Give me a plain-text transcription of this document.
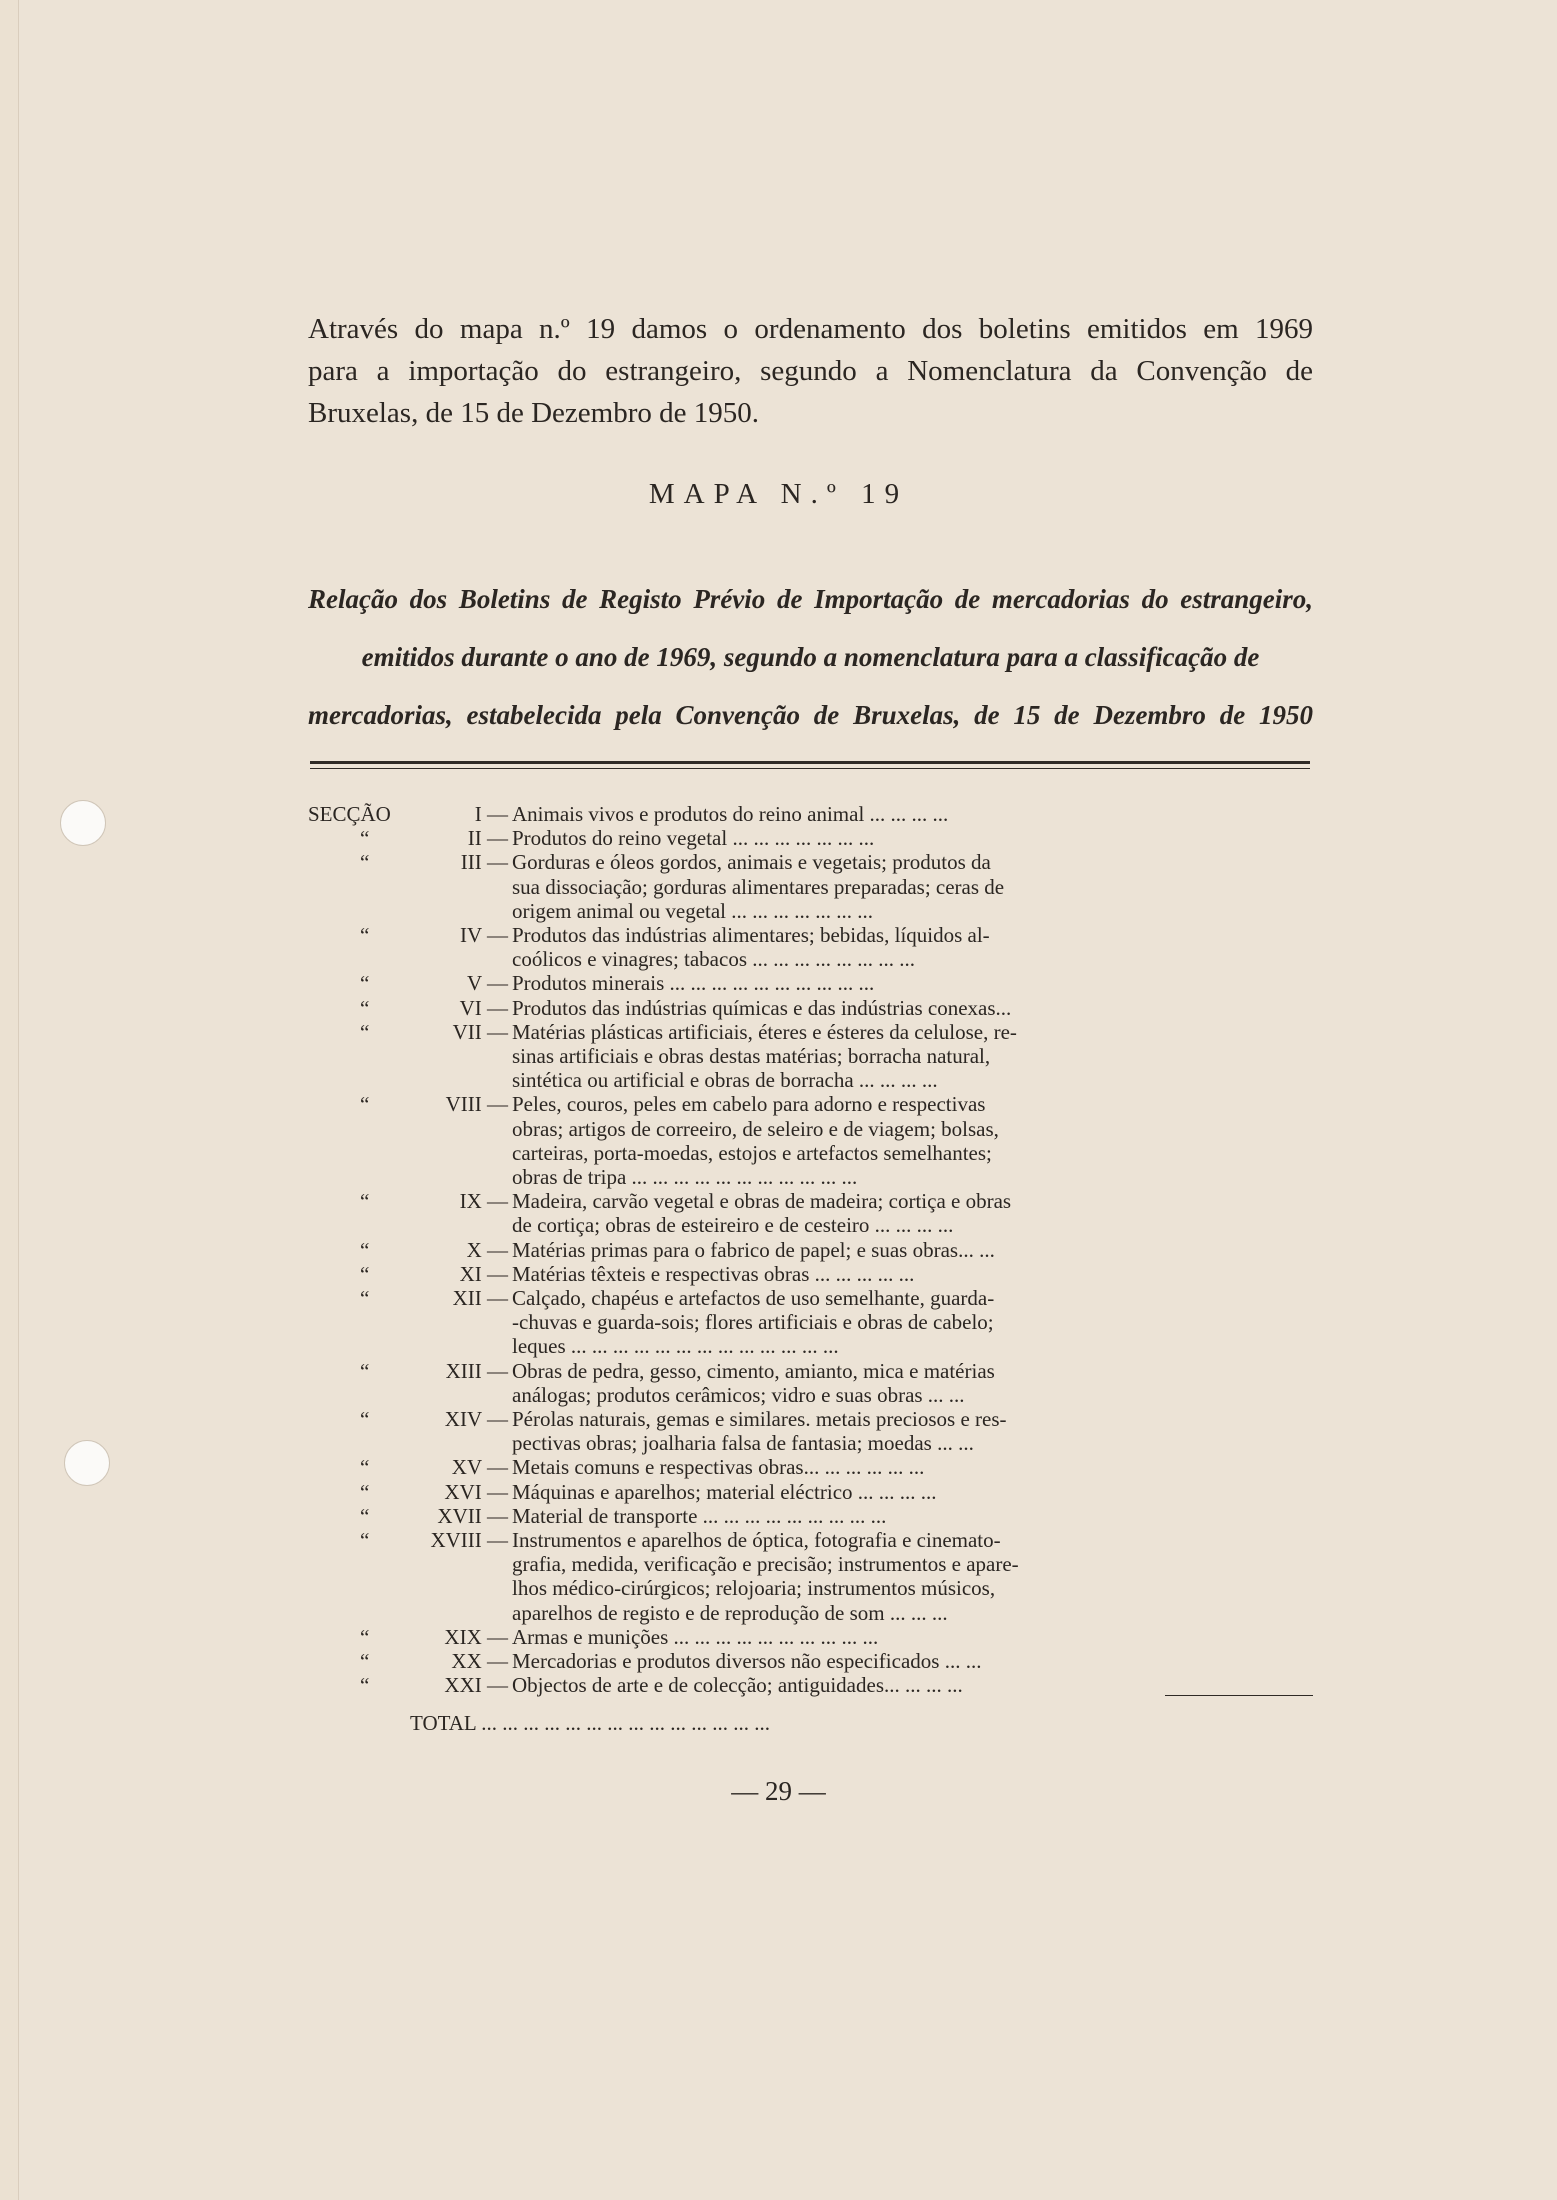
Através do mapa n.º 19 damos o ordenamento dos boletins emitidos em 1969
para a importação do estrangeiro, segundo a Nomenclatura da Convenção de
Bruxelas, de 15 de Dezembro de 1950.
MAPA N.º 19
Relação dos Boletins de Registo Prévio de Importação de mercadorias do estrangeiro,
emitidos durante o ano de 1969, segundo a nomenclatura para a classificação de
mercadorias, estabelecida pela Convenção de Bruxelas, de 15 de Dezembro de 1950
SECÇÃO	I — Animais vivos e produtos do reino animal ... ... ... ...
“	II — Produtos do reino vegetal ... ... ... ... ... ... ...
“	III — Gorduras e óleos gordos, animais e vegetais; produtos da
sua dissociação; gorduras alimentares preparadas; ceras de
origem animal ou vegetal ... ... ... ... ... ... ...
“	IV — Produtos das indústrias alimentares; bebidas, líquidos al-
coólicos e vinagres; tabacos ... ... ... ... ... ... ... ...
“	V — Produtos minerais ... ... ... ... ... ... ... ... ... ...
“	VI — Produtos das indústrias químicas e das indústrias conexas...
“	VII — Matérias plásticas artificiais, éteres e ésteres da celulose, re-
sinas artificiais e obras destas matérias; borracha natural,
sintética ou artificial e obras de borracha ... ... ... ...
“	VIII — Peles, couros, peles em cabelo para adorno e respectivas
obras; artigos de correeiro, de seleiro e de viagem; bolsas,
carteiras, porta-moedas, estojos e artefactos semelhantes;
obras de tripa ... ... ... ... ... ... ... ... ... ... ...
“	IX — Madeira, carvão vegetal e obras de madeira; cortiça e obras
de cortiça; obras de esteireiro e de cesteiro ... ... ... ...
“	X — Matérias primas para o fabrico de papel; e suas obras... ...
“	XI — Matérias têxteis e respectivas obras ... ... ... ... ...
“	XII — Calçado, chapéus e artefactos de uso semelhante, guarda-
-chuvas e guarda-sois; flores artificiais e obras de cabelo;
leques ... ... ... ... ... ... ... ... ... ... ... ... ...
“	XIII — Obras de pedra, gesso, cimento, amianto, mica e matérias
análogas; produtos cerâmicos; vidro e suas obras ... ...
“	XIV — Pérolas naturais, gemas e similares. metais preciosos e res-
pectivas obras; joalharia falsa de fantasia; moedas ... ...
“	XV — Metais comuns e respectivas obras... ... ... ... ... ...
“	XVI — Máquinas e aparelhos; material eléctrico ... ... ... ...
“	XVII — Material de transporte ... ... ... ... ... ... ... ... ...
“	XVIII — Instrumentos e aparelhos de óptica, fotografia e cinemato-
grafia, medida, verificação e precisão; instrumentos e apare-
lhos médico-cirúrgicos; relojoaria; instrumentos músicos,
aparelhos de registo e de reprodução de som ... ... ...
“	XIX — Armas e munições ... ... ... ... ... ... ... ... ... ...
“	XX — Mercadorias e produtos diversos não especificados ... ...
“	XXI — Objectos de arte e de colecção; antiguidades... ... ... ...
TOTAL ... ... ... ... ... ... ... ... ... ... ... ... ... ...
— 29 —
